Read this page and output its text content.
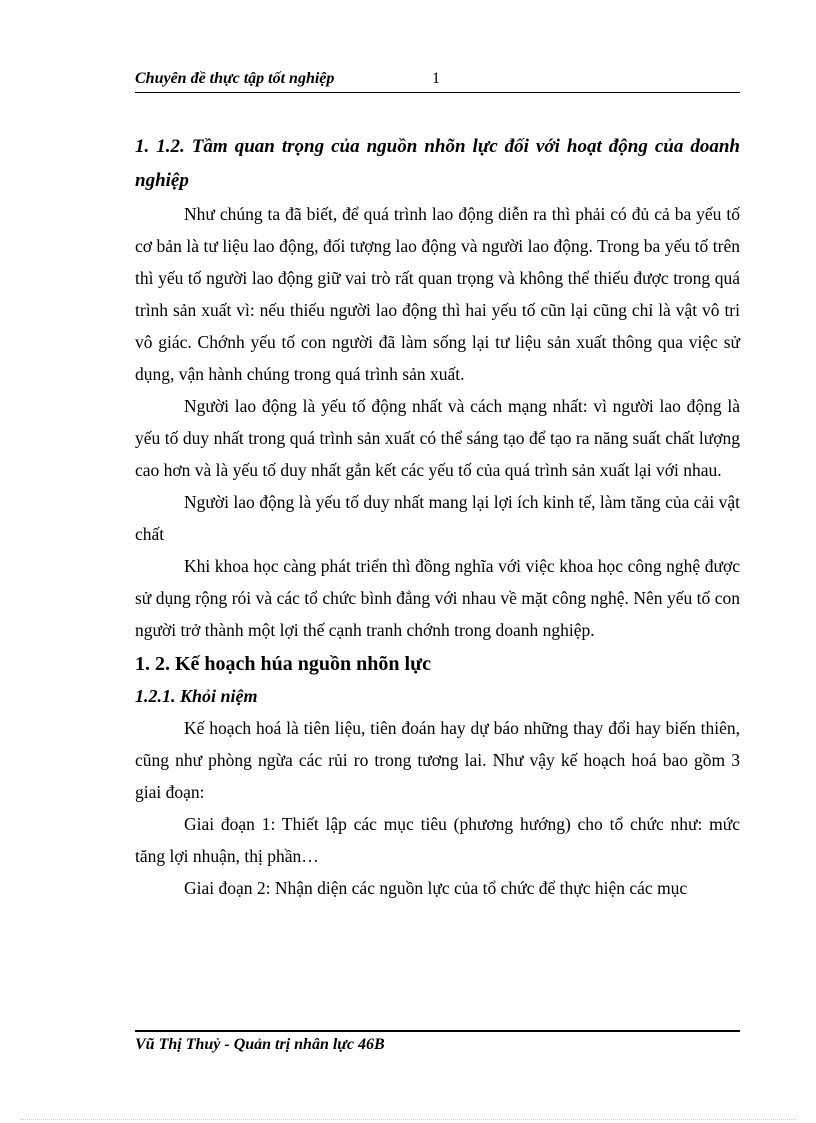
Chuyên đề thực tập tốt nghiệp	1
1. 1.2. Tầm quan trọng của nguồn nhõn lực đối với hoạt động của doanh nghiệp

Như chúng ta đã biết, để quá trình lao động diễn ra thì phải có đủ cả ba yếu tố cơ bản là tư liệu lao động, đối tượng lao động và người lao động. Trong ba yếu tố trên thì yếu tố người lao động giữ vai trò rất quan trọng và không thể thiếu được trong quá trình sản xuất vì: nếu thiếu người lao động thì hai yếu tố cũn lại cũng chỉ là vật vô tri vô giác. Chớnh yếu tố con người đã làm sống lại tư liệu sản xuất thông qua việc sử dụng, vận hành chúng trong quá trình sản xuất.

Người lao động là yếu tố động nhất và cách mạng nhất: vì người lao động là yếu tố duy nhất trong quá trình sản xuất có thể sáng tạo để tạo ra năng suất chất lượng cao hơn và là yếu tố duy nhất gắn kết các yếu tố của quá trình sản xuất lại với nhau.

Người lao động là yếu tố duy nhất mang lại lợi ích kinh tế, làm tăng của cải vật chất

Khi khoa học càng phát triển thì đồng nghĩa với việc khoa học công nghệ được sử dụng rộng rói và các tổ chức bình đẳng với nhau về mặt công nghệ. Nên yếu tố con người trở thành một lợi thế cạnh tranh chớnh trong doanh nghiệp.

1. 2. Kế hoạch húa nguồn nhõn lực
1.2.1. Khỏi niệm

Kế hoạch hoá là tiên liệu, tiên đoán hay dự báo những thay đổi hay biến thiên, cũng như phòng ngừa các rủi ro trong tương lai. Như vậy kế hoạch hoá bao gồm 3 giai đoạn:

Giai đoạn 1: Thiết lập các mục tiêu (phương hướng) cho tổ chức như: mức tăng lợi nhuận, thị phần…

Giai đoạn 2: Nhận diện các nguồn lực của tổ chức để thực hiện các mục

Vũ Thị Thuỷ - Quản trị nhân lực 46B
